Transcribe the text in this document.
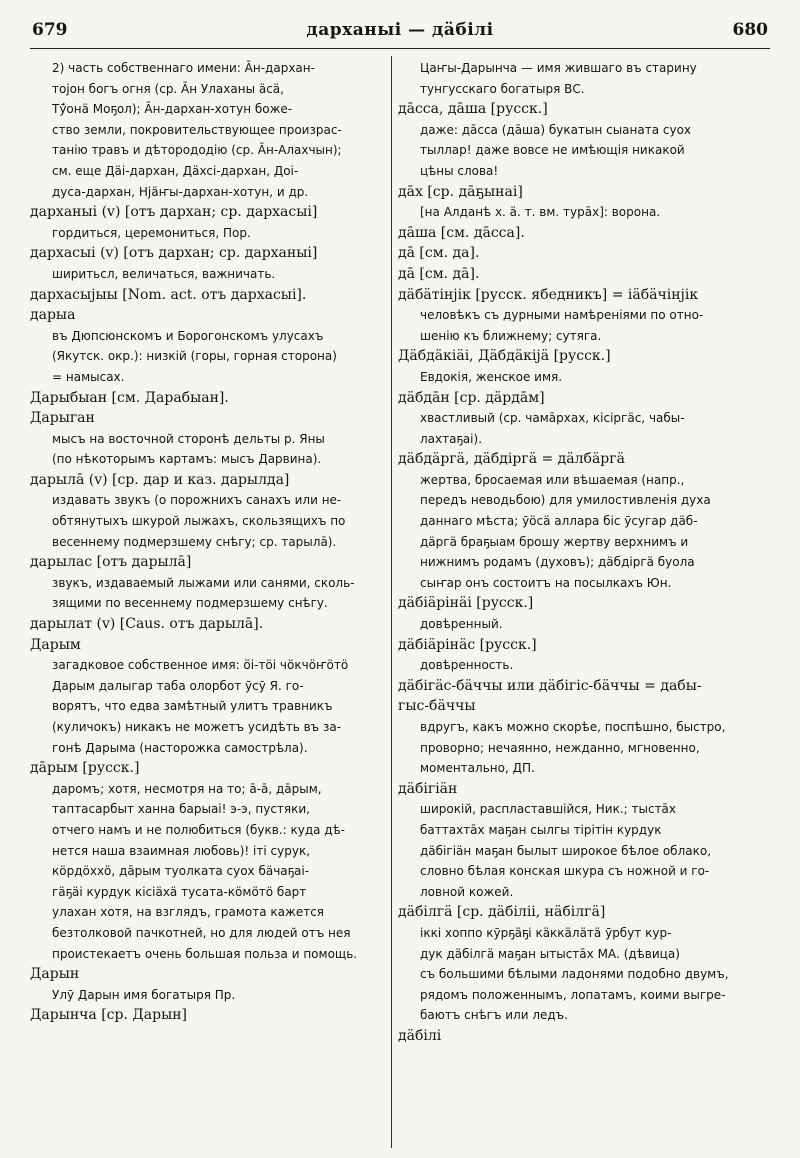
679	дарханыі — дäбiлi	680
2) часть собственнаго имени: Āн-дархан-
тојон богъ огня (ср. Āн Улаханы äсä,
Тӯ҆онä Моҕол); Āн-дархан-хотун боже-
ство земли, покровительствующее произрас-
танію травъ и дѣторододію (ср. Āн-Алахчын);
см. еще Дäi-дархан, Дäxci-дархан, Доі-
дуса-дархан, Нјäҥы-дархан-хотун, и др.
дарханыі (v) [отъ дархан; ср. дархасыі]
гордиться, церемониться, Пор.
дархасыі (v) [отъ дархан; ср. дарханыі]
ширитьсл, величаться, важничать.
дархасыјыы [Nom. act. отъ дархасыі].
дарыа
въ Дюпсюнскомъ и Борогонскомъ улусахъ
(Якутск. окр.): низкій (горы, горная сторона)
= намысах.
Дарыбыан [см. Дарабыан].
Дарыган
мысъ на восточной сторонѣ дельты р. Яны
(по нѣкоторымъ картамъ: мысъ Дарвина).
дарылā (v) [ср. дар и каз. дарылда]
издавать звукъ (о порожнихъ санахъ или не-
обтянутыхъ шкурой лыжахъ, скользящихъ по
весеннему подмерзшему снѣгу; ср. тарылā).
дарылас [отъ дарылā]
звукъ, издаваемый лыжами или санями, сколь-
зящими по весеннему подмерзшему снѣгу.
дарылат (v) [Caus. отъ дарылā].
Дарым
загадковое собственное имя: öi-тöi чöкчöҥöтö
Дарым далыгар таба олорбот ӯсӯ Я. го-
ворятъ, что едва замѣтный улитъ травникъ
(куличокъ) никакъ не можетъ усидѣть въ за-
гонѣ Дарыма (насторожка самострѣла).
дāрым [русск.]
даромъ; хотя, несмотря на то; ā-ā, дāрым,
таптасарбыт ханна барыаі! э-э, пустяки,
отчего намъ и не полюбиться (букв.: куда дѣ-
нется наша взаимная любовь)! iтi сурук,
кöрдöххö, дāрым туолката суох бäчаҕаi-
гäҕäi курдук кiсiäхä тусата-кöмöтö барт
улахан хотя, на взглядъ, грамота кажется
безтолковой пачкотней, но для людей отъ нея
проистекаетъ очень большая польза и помощь.
Дарын
Улӯ Дарын имя богатыря Пр.
Дарынча [ср. Дарын]
Цаҥы-Дарынча — имя жившаго въ старину
тунгусскаго богатыря ВС.
дāсса, дāша [русск.]
даже: дāсса (дāша) букатын сыаната суох
тыллар! даже вовсе не имѣющія никакой
цѣны слова!
дāх [ср. дāҕынаі]
[на Алданѣ х. ä. т. вм. турāх]: ворона.
дāша [см. дāсса].
дā [см. да].
дā [см. дā].
дäбäтiнјiк [русск. ябедникъ] = iäбäчiнјiк
человѣкъ съ дурными намѣреніями по отно-
шенію къ ближнему; сутяга.
Дäбдäкiäi, Дäбдäкiјä [русск.]
Евдокія, женское имя.
дäбдāн [ср. дäрдāм]
хвастливый (ср. чамāрхах, кiсiргäс, чабы-
лахтаҕаі).
дäбдäргä, дäбдiргä = дäлбäргä
жертва, бросаемая или вѣшаемая (напр.,
передъ неводьбою) для умилостивленія духа
даннаго мѣста; ӯöсä аллара бiс ӯсугар дäб-
дäргä браҕыам брошу жертву верхнимъ и
нижнимъ родамъ (духовъ); дäбдiргä буола
сыҥар онъ состоитъ на посылкахъ Юн.
дäбiäрiнäi [русск.]
довѣренный.
дäбiäрiнäс [русск.]
довѣренность.
дäбiгäс-бäччы или дäбiгiс-бäччы = дабы-
гыс-бäччы
вдругъ, какъ можно скорѣе, поспѣшно, быстро,
проворно; нечаянно, нежданно, мгновенно,
моментально, ДП.
дäбiгiäн
широкій, распластавшійся, Ник.; тыстāх
баттахтāх маҕан сылгы тiрiтiн курдук
дäбiгiäн маҕан былыт широкое бѣлое облако,
словно бѣлая конская шкура съ ножной и го-
ловной кожей.
дäбiлгä [ср. дäбiлii, нäбiлгä]
iккi хоппо кӯрҕäҕi кäккäлäтä ӯрбут кур-
дук дäбiлгä маҕан ытыстāх МА. (дѣвица)
съ большими бѣлыми ладонями подобно двумъ,
рядомъ положеннымъ, лопатамъ, коими выгре-
баютъ снѣгъ или ледъ.
дäбiлi
